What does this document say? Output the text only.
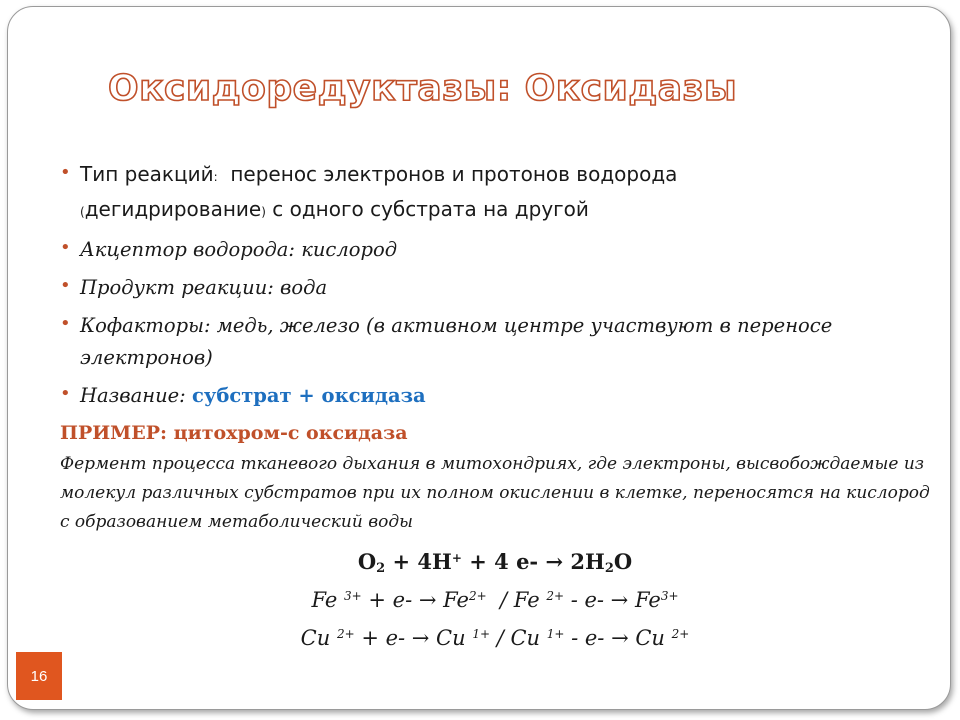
Оксидоредуктазы: Оксидазы

• Тип реакций: перенос электронов и протонов водорода
(дегидрирование) с одного субстрата на другой

• Акцептор водорода: кислород

• Продукт реакции: вода

• Кофакторы: медь, железо (в активном центре участвуют в переносе электронов)

• Название: субстрат + оксидаза

ПРИМЕР: цитохром-с оксидаза

Фермент процесса тканевого дыхания в митохондриях, где электроны, высвобождаемые из молекул различных субстратов при их полном окислении в клетке, переносятся на кислород с образованием метаболический воды

$O_2 + 4H^+ + 4$ $e- \to 2H_2O$

Fe $^{3+} + e- \to Fe^{2+} / Fe$ $^{2+} - e- \to Fe^{3+}$

Cu $^{2+}$ + e- → Cu $^{1+}$ / Cu $^{1+}$ - e- → Cu $^{2+}$

16
